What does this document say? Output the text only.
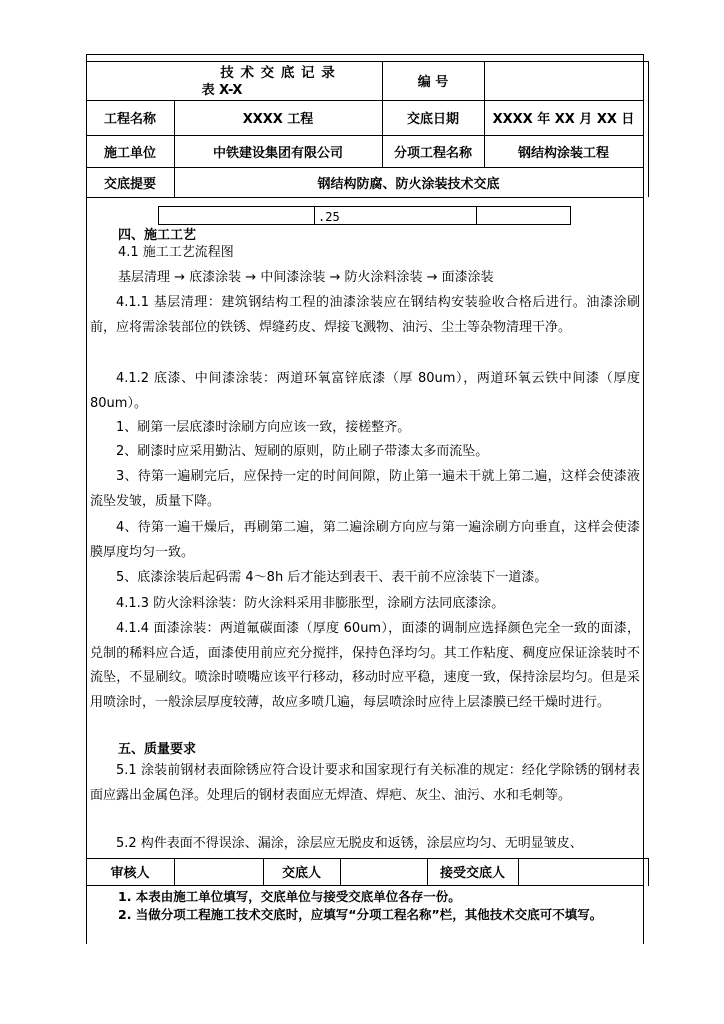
技 术 交 底 记 录
表 X-X	编 号
工程名称	XXXX 工程	交底日期	XXXX 年 XX 月 XX 日
施工单位	中铁建设集团有限公司	分项工程名称	钢结构涂装工程
交底提要	钢结构防腐、防火涂装技术交底
.25
四、施工工艺
4.1 施工工艺流程图
基层清理 → 底漆涂装 → 中间漆涂装 → 防火涂料涂装 → 面漆涂装
4.1.1 基层清理：建筑钢结构工程的油漆涂装应在钢结构安装验收合格后进行。油漆涂刷前，应将需涂装部位的铁锈、焊缝药皮、焊接飞溅物、油污、尘土等杂物清理干净。
4.1.2 底漆、中间漆涂装：两道环氧富锌底漆（厚 80um），两道环氧云铁中间漆（厚度 80um）。
1、刷第一层底漆时涂刷方向应该一致，接槎整齐。
2、刷漆时应采用勤沾、短刷的原则，防止刷子带漆太多而流坠。
3、待第一遍刷完后，应保持一定的时间间隙，防止第一遍未干就上第二遍，这样会使漆液流坠发皱，质量下降。
4、待第一遍干燥后，再刷第二遍，第二遍涂刷方向应与第一遍涂刷方向垂直，这样会使漆膜厚度均匀一致。
5、底漆涂装后起码需 4～8h 后才能达到表干、表干前不应涂装下一道漆。
4.1.3 防火涂料涂装：防火涂料采用非膨胀型，涂刷方法同底漆涂。
4.1.4 面漆涂装：两道氟碳面漆（厚度 60um），面漆的调制应选择颜色完全一致的面漆，兑制的稀料应合适，面漆使用前应充分搅拌，保持色泽均匀。其工作粘度、稠度应保证涂装时不流坠，不显刷纹。喷涂时喷嘴应该平行移动，移动时应平稳，速度一致，保持涂层均匀。但是采用喷涂时，一般涂层厚度较薄，故应多喷几遍，每层喷涂时应待上层漆膜已经干燥时进行。
五、质量要求
5.1 涂装前钢材表面除锈应符合设计要求和国家现行有关标准的规定：经化学除锈的钢材表面应露出金属色泽。处理后的钢材表面应无焊渣、焊疤、灰尘、油污、水和毛刺等。
5.2 构件表面不得误涂、漏涂，涂层应无脱皮和返锈，涂层应均匀、无明显皱皮、
审核人	交底人	接受交底人
1. 本表由施工单位填写，交底单位与接受交底单位各存一份。
2. 当做分项工程施工技术交底时，应填写“分项工程名称”栏，其他技术交底可不填写。
